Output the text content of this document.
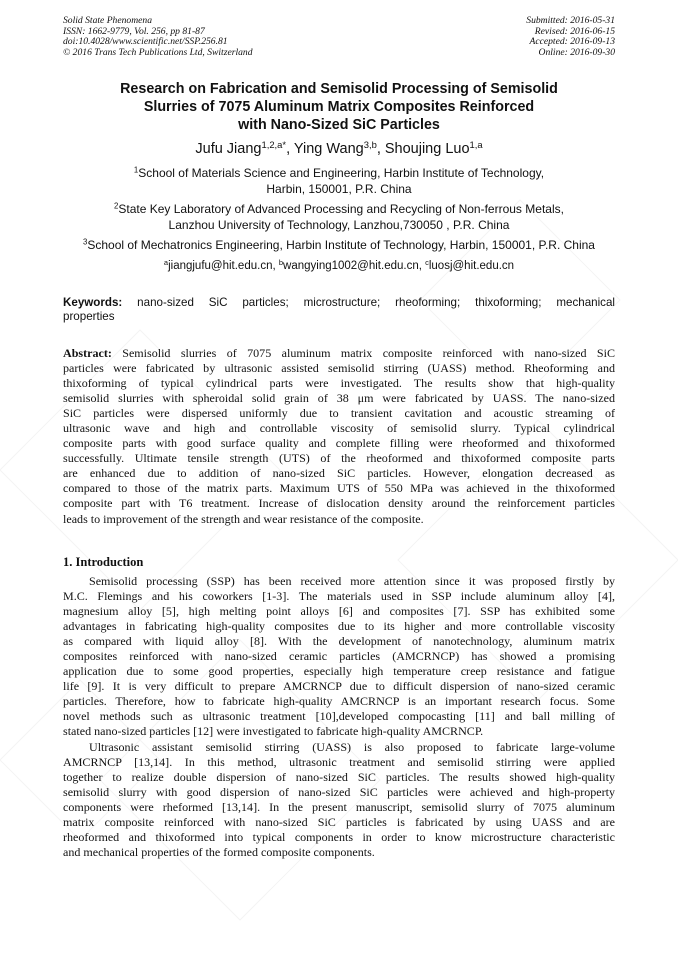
Solid State Phenomena
ISSN: 1662-9779, Vol. 256, pp 81-87
doi:10.4028/www.scientific.net/SSP.256.81
© 2016 Trans Tech Publications Ltd, Switzerland
Submitted: 2016-05-31
Revised: 2016-06-15
Accepted: 2016-09-13
Online: 2016-09-30
Research on Fabrication and Semisolid Processing of Semisolid
Slurries of 7075 Aluminum Matrix Composites Reinforced
with Nano-Sized SiC Particles
Jufu Jiang$^{1,2,a*}$, Ying Wang$^{3,b}$, Shoujing Luo$^{1,a}$
$^1$School of Materials Science and Engineering, Harbin Institute of Technology,
Harbin, 150001, P.R. China
$^2$State Key Laboratory of Advanced Processing and Recycling of Non-ferrous Metals,
Lanzhou University of Technology, Lanzhou,730050 , P.R. China
$^3$School of Mechatronics Engineering, Harbin Institute of Technology, Harbin, 150001, P.R. China
$^a$jiangjufu@hit.edu.cn, $^b$wangying1002@hit.edu.cn, $^c$luosj@hit.edu.cn
Keywords: nano-sized SiC particles; microstructure; rheoforming; thixoforming; mechanical
properties
Abstract: Semisolid slurries of 7075 aluminum matrix composite reinforced with nano-sized SiC
particles were fabricated by ultrasonic assisted semisolid stirring (UASS) method. Rheoforming and
thixoforming of typical cylindrical parts were investigated. The results show that high-quality
semisolid slurries with spheroidal solid grain of 38 μm were fabricated by UASS. The nano-sized
SiC particles were dispersed uniformly due to transient cavitation and acoustic streaming of
ultrasonic wave and high and controllable viscosity of semisolid slurry. Typical cylindrical
composite parts with good surface quality and complete filling were rheoformed and thixoformed
successfully. Ultimate tensile strength (UTS) of the rheoformed and thixoformed composite parts
are enhanced due to addition of nano-sized SiC particles. However, elongation decreased as
compared to those of the matrix parts. Maximum UTS of 550 MPa was achieved in the thixoformed
composite part with T6 treatment. Increase of dislocation density around the reinforcement particles
leads to improvement of the strength and wear resistance of the composite.
1. Introduction
Semisolid processing (SSP) has been received more attention since it was proposed firstly by
M.C. Flemings and his coworkers [1-3]. The materials used in SSP include aluminum alloy [4],
magnesium alloy [5], high melting point alloys [6] and composites [7]. SSP has exhibited some
advantages in fabricating high-quality composites due to its higher and more controllable viscosity
as compared with liquid alloy [8]. With the development of nanotechnology, aluminum matrix
composites reinforced with nano-sized ceramic particles (AMCRNCP) has showed a promising
application due to some good properties, especially high temperature creep resistance and fatigue
life [9]. It is very difficult to prepare AMCRNCP due to difficult dispersion of nano-sized ceramic
particles. Therefore, how to fabricate high-quality AMCRNCP is an important research focus. Some
novel methods such as ultrasonic treatment [10],developed compocasting [11] and ball milling of
stated nano-sized particles [12] were investigated to fabricate high-quality AMCRNCP.
Ultrasonic assistant semisolid stirring (UASS) is also proposed to fabricate large-volume
AMCRNCP [13,14]. In this method, ultrasonic treatment and semisolid stirring were applied
together to realize double dispersion of nano-sized SiC particles. The results showed high-quality
semisolid slurry with good dispersion of nano-sized SiC particles were achieved and high-property
components were rheformed [13,14]. In the present manuscript, semisolid slurry of 7075 aluminum
matrix composite reinforced with nano-sized SiC particles is fabricated by using UASS and are
rheoformed and thixoformed into typical components in order to know microstructure characteristic
and mechanical properties of the formed composite components.
